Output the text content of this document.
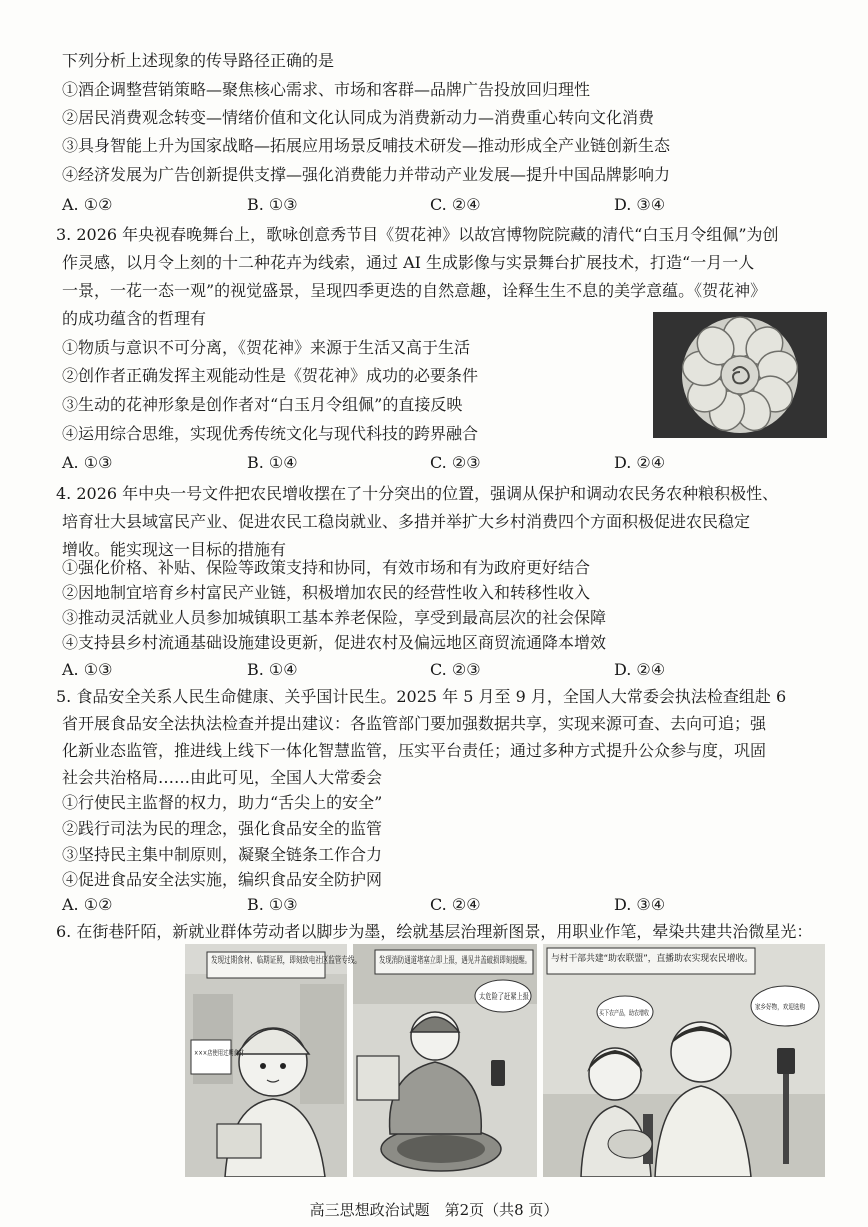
下列分析上述现象的传导路径正确的是
①酒企调整营销策略—聚焦核心需求、市场和客群—品牌广告投放回归理性
②居民消费观念转变—情绪价值和文化认同成为消费新动力—消费重心转向文化消费
③具身智能上升为国家战略—拓展应用场景反哺技术研发—推动形成全产业链创新生态
④经济发展为广告创新提供支撑—强化消费能力并带动产业发展—提升中国品牌影响力
A. ①②	B. ①③	C. ②④	D. ③④
3. 2026 年央视春晚舞台上，歌咏创意秀节目《贺花神》以故宫博物院院藏的清代“白玉月令组佩”为创
作灵感，以月令上刻的十二种花卉为线索，通过 AI 生成影像与实景舞台扩展技术，打造“一月一人
一景，一花一态一观”的视觉盛景，呈现四季更迭的自然意趣，诠释生生不息的美学意蕴。《贺花神》
的成功蕴含的哲理有
①物质与意识不可分离，《贺花神》来源于生活又高于生活
②创作者正确发挥主观能动性是《贺花神》成功的必要条件
③生动的花神形象是创作者对“白玉月令组佩”的直接反映
④运用综合思维，实现优秀传统文化与现代科技的跨界融合
A. ①③	B. ①④	C. ②③	D. ②④
4. 2026 年中央一号文件把农民增收摆在了十分突出的位置，强调从保护和调动农民务农种粮积极性、
培育壮大县域富民产业、促进农民工稳岗就业、多措并举扩大乡村消费四个方面积极促进农民稳定
增收。能实现这一目标的措施有
①强化价格、补贴、保险等政策支持和协同，有效市场和有为政府更好结合
②因地制宜培育乡村富民产业链，积极增加农民的经营性收入和转移性收入
③推动灵活就业人员参加城镇职工基本养老保险，享受到最高层次的社会保障
④支持县乡村流通基础设施建设更新，促进农村及偏远地区商贸流通降本增效
A. ①③	B. ①④	C. ②③	D. ②④
5. 食品安全关系人民生命健康、关乎国计民生。2025 年 5 月至 9 月，全国人大常委会执法检查组赴 6
省开展食品安全法执法检查并提出建议：各监管部门要加强数据共享，实现来源可查、去向可追；强
化新业态监管，推进线上线下一体化智慧监管，压实平台责任；通过多种方式提升公众参与度，巩固
社会共治格局……由此可见，全国人大常委会
①行使民主监督的权力，助力“舌尖上的安全”
②践行司法为民的理念，强化食品安全的监管
③坚持民主集中制原则，凝聚全链条工作合力
④促进食品安全法实施，编织食品安全防护网
A. ①②	B. ①③	C. ②④	D. ③④
6. 在街巷阡陌，新就业群体劳动者以脚步为墨，绘就基层治理新图景，用职业作笔，晕染共建共治微星光：
发现过期食材、临期证照，即刻致电社区监管专线。
×××店使用过期食材
发现消防通道堵塞立即上报，遇见井盖破损即刻提醒。
太危险了赶紧上报
与村干部共建“助农联盟”，直播助农实现农民增收。
买下农产品，助农增收
家乡好物，欢迎选购
高三思想政治试题　第2页（共8 页）
